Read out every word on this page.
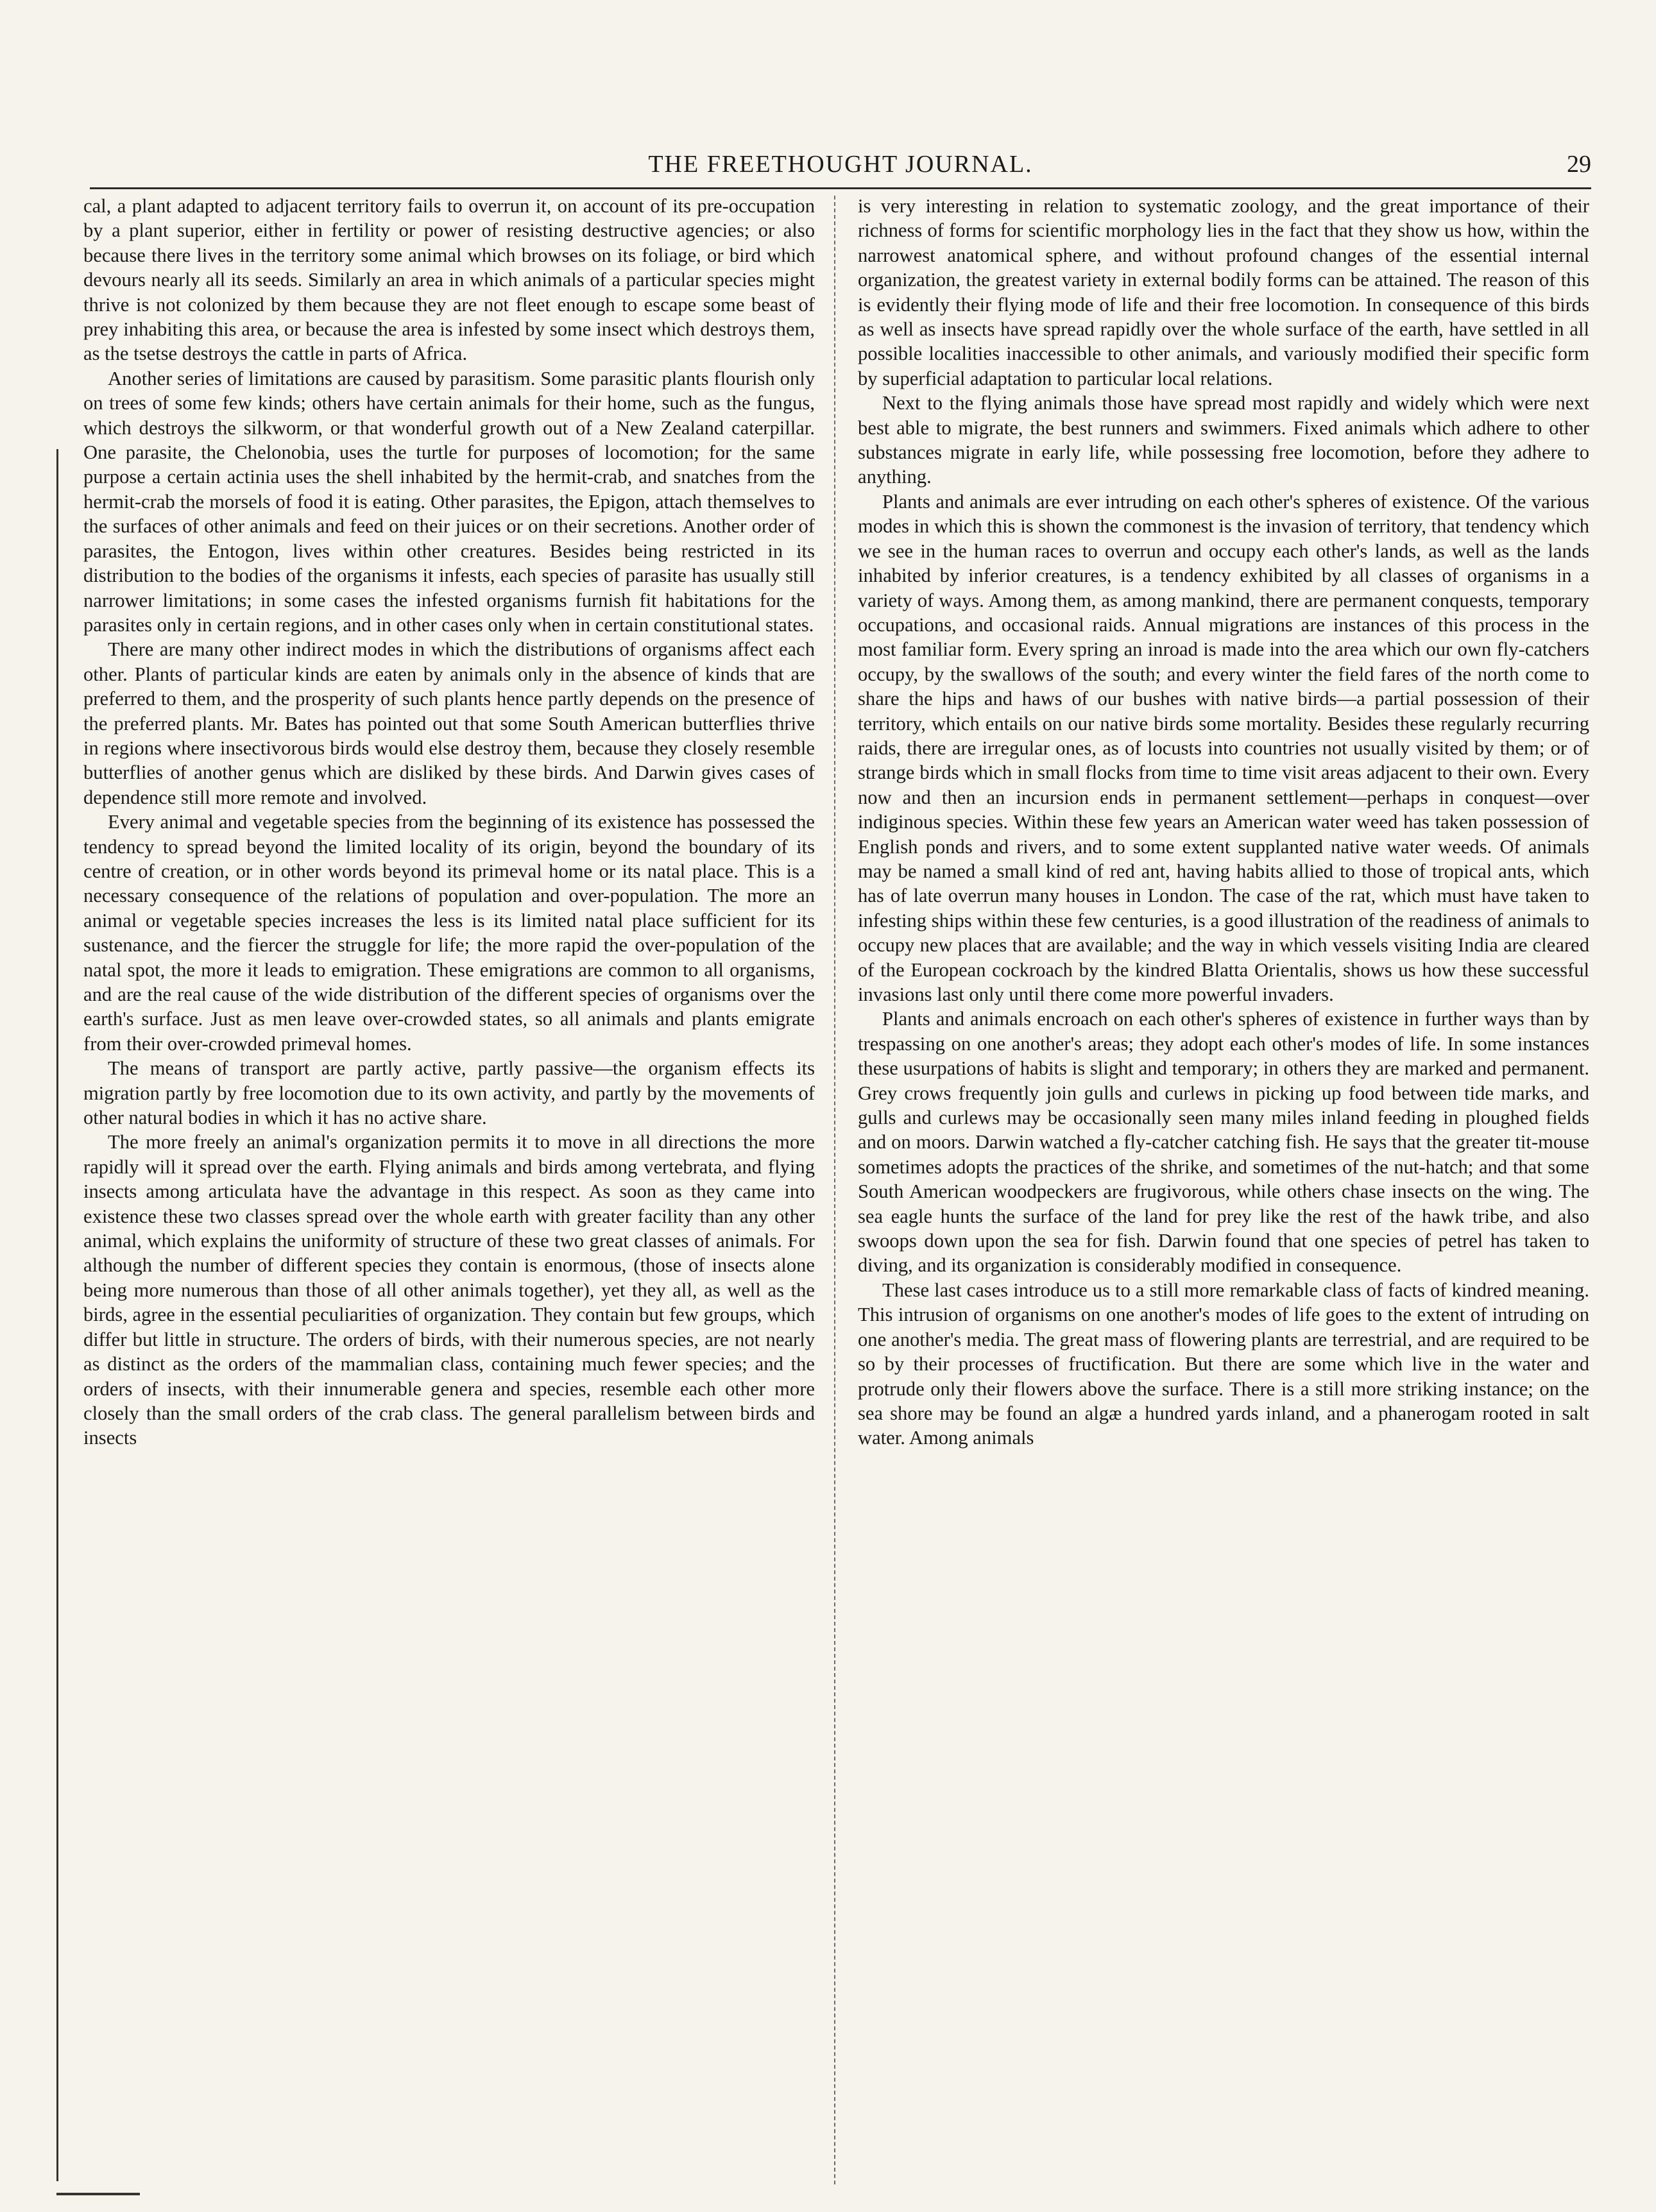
THE FREETHOUGHT JOURNAL.	29

cal, a plant adapted to adjacent territory fails to overrun it, on account of its pre-occupation by a plant superior, either in fertility or power of resisting destructive agencies; or also because there lives in the territory some animal which browses on its foliage, or bird which devours nearly all its seeds. Similarly an area in which animals of a particular species might thrive is not colonized by them because they are not fleet enough to escape some beast of prey inhabiting this area, or because the area is infested by some insect which destroys them, as the tsetse destroys the cattle in parts of Africa.

Another series of limitations are caused by parasitism. Some parasitic plants flourish only on trees of some few kinds; others have certain animals for their home, such as the fungus, which destroys the silkworm, or that wonderful growth out of a New Zealand caterpillar. One parasite, the Chelonobia, uses the turtle for purposes of locomotion; for the same purpose a certain actinia uses the shell inhabited by the hermit-crab, and snatches from the hermit-crab the morsels of food it is eating. Other parasites, the Epigon, attach themselves to the surfaces of other animals and feed on their juices or on their secretions. Another order of parasites, the Entogon, lives within other creatures. Besides being restricted in its distribution to the bodies of the organisms it infests, each species of parasite has usually still narrower limitations; in some cases the infested organisms furnish fit habitations for the parasites only in certain regions, and in other cases only when in certain constitutional states.

There are many other indirect modes in which the distributions of organisms affect each other. Plants of particular kinds are eaten by animals only in the absence of kinds that are preferred to them, and the prosperity of such plants hence partly depends on the presence of the preferred plants. Mr. Bates has pointed out that some South American butterflies thrive in regions where insectivorous birds would else destroy them, because they closely resemble butterflies of another genus which are disliked by these birds. And Darwin gives cases of dependence still more remote and involved.

Every animal and vegetable species from the beginning of its existence has possessed the tendency to spread beyond the limited locality of its origin, beyond the boundary of its centre of creation, or in other words beyond its primeval home or its natal place. This is a necessary consequence of the relations of population and over-population. The more an animal or vegetable species increases the less is its limited natal place sufficient for its sustenance, and the fiercer the struggle for life; the more rapid the over-population of the natal spot, the more it leads to emigration. These emigrations are common to all organisms, and are the real cause of the wide distribution of the different species of organisms over the earth's surface. Just as men leave over-crowded states, so all animals and plants emigrate from their over-crowded primeval homes.

The means of transport are partly active, partly passive—the organism effects its migration partly by free locomotion due to its own activity, and partly by the movements of other natural bodies in which it has no active share.

The more freely an animal's organization permits it to move in all directions the more rapidly will it spread over the earth. Flying animals and birds among vertebrata, and flying insects among articulata have the advantage in this respect. As soon as they came into existence these two classes spread over the whole earth with greater facility than any other animal, which explains the uniformity of structure of these two great classes of animals. For although the number of different species they contain is enormous, (those of insects alone being more numerous than those of all other animals together), yet they all, as well as the birds, agree in the essential peculiarities of organization. They contain but few groups, which differ but little in structure. The orders of birds, with their numerous species, are not nearly as distinct as the orders of the mammalian class, containing much fewer species; and the orders of insects, with their innumerable genera and species, resemble each other more closely than the small orders of the crab class. The general parallelism between birds and insects

is very interesting in relation to systematic zoology, and the great importance of their richness of forms for scientific morphology lies in the fact that they show us how, within the narrowest anatomical sphere, and without profound changes of the essential internal organization, the greatest variety in external bodily forms can be attained. The reason of this is evidently their flying mode of life and their free locomotion. In consequence of this birds as well as insects have spread rapidly over the whole surface of the earth, have settled in all possible localities inaccessible to other animals, and variously modified their specific form by superficial adaptation to particular local relations.

Next to the flying animals those have spread most rapidly and widely which were next best able to migrate, the best runners and swimmers. Fixed animals which adhere to other substances migrate in early life, while possessing free locomotion, before they adhere to anything.

Plants and animals are ever intruding on each other's spheres of existence. Of the various modes in which this is shown the commonest is the invasion of territory, that tendency which we see in the human races to overrun and occupy each other's lands, as well as the lands inhabited by inferior creatures, is a tendency exhibited by all classes of organisms in a variety of ways. Among them, as among mankind, there are permanent conquests, temporary occupations, and occasional raids. Annual migrations are instances of this process in the most familiar form. Every spring an inroad is made into the area which our own fly-catchers occupy, by the swallows of the south; and every winter the field fares of the north come to share the hips and haws of our bushes with native birds—a partial possession of their territory, which entails on our native birds some mortality. Besides these regularly recurring raids, there are irregular ones, as of locusts into countries not usually visited by them; or of strange birds which in small flocks from time to time visit areas adjacent to their own. Every now and then an incursion ends in permanent settlement—perhaps in conquest—over indiginous species. Within these few years an American water weed has taken possession of English ponds and rivers, and to some extent supplanted native water weeds. Of animals may be named a small kind of red ant, having habits allied to those of tropical ants, which has of late overrun many houses in London. The case of the rat, which must have taken to infesting ships within these few centuries, is a good illustration of the readiness of animals to occupy new places that are available; and the way in which vessels visiting India are cleared of the European cockroach by the kindred Blatta Orientalis, shows us how these successful invasions last only until there come more powerful invaders.

Plants and animals encroach on each other's spheres of existence in further ways than by trespassing on one another's areas; they adopt each other's modes of life. In some instances these usurpations of habits is slight and temporary; in others they are marked and permanent. Grey crows frequently join gulls and curlews in picking up food between tide marks, and gulls and curlews may be occasionally seen many miles inland feeding in ploughed fields and on moors. Darwin watched a fly-catcher catching fish. He says that the greater tit-mouse sometimes adopts the practices of the shrike, and sometimes of the nut-hatch; and that some South American woodpeckers are frugivorous, while others chase insects on the wing. The sea eagle hunts the surface of the land for prey like the rest of the hawk tribe, and also swoops down upon the sea for fish. Darwin found that one species of petrel has taken to diving, and its organization is considerably modified in consequence.

These last cases introduce us to a still more remarkable class of facts of kindred meaning. This intrusion of organisms on one another's modes of life goes to the extent of intruding on one another's media. The great mass of flowering plants are terrestrial, and are required to be so by their processes of fructification. But there are some which live in the water and protrude only their flowers above the surface. There is a still more striking instance; on the sea shore may be found an algæ a hundred yards inland, and a phanerogam rooted in salt water. Among animals
